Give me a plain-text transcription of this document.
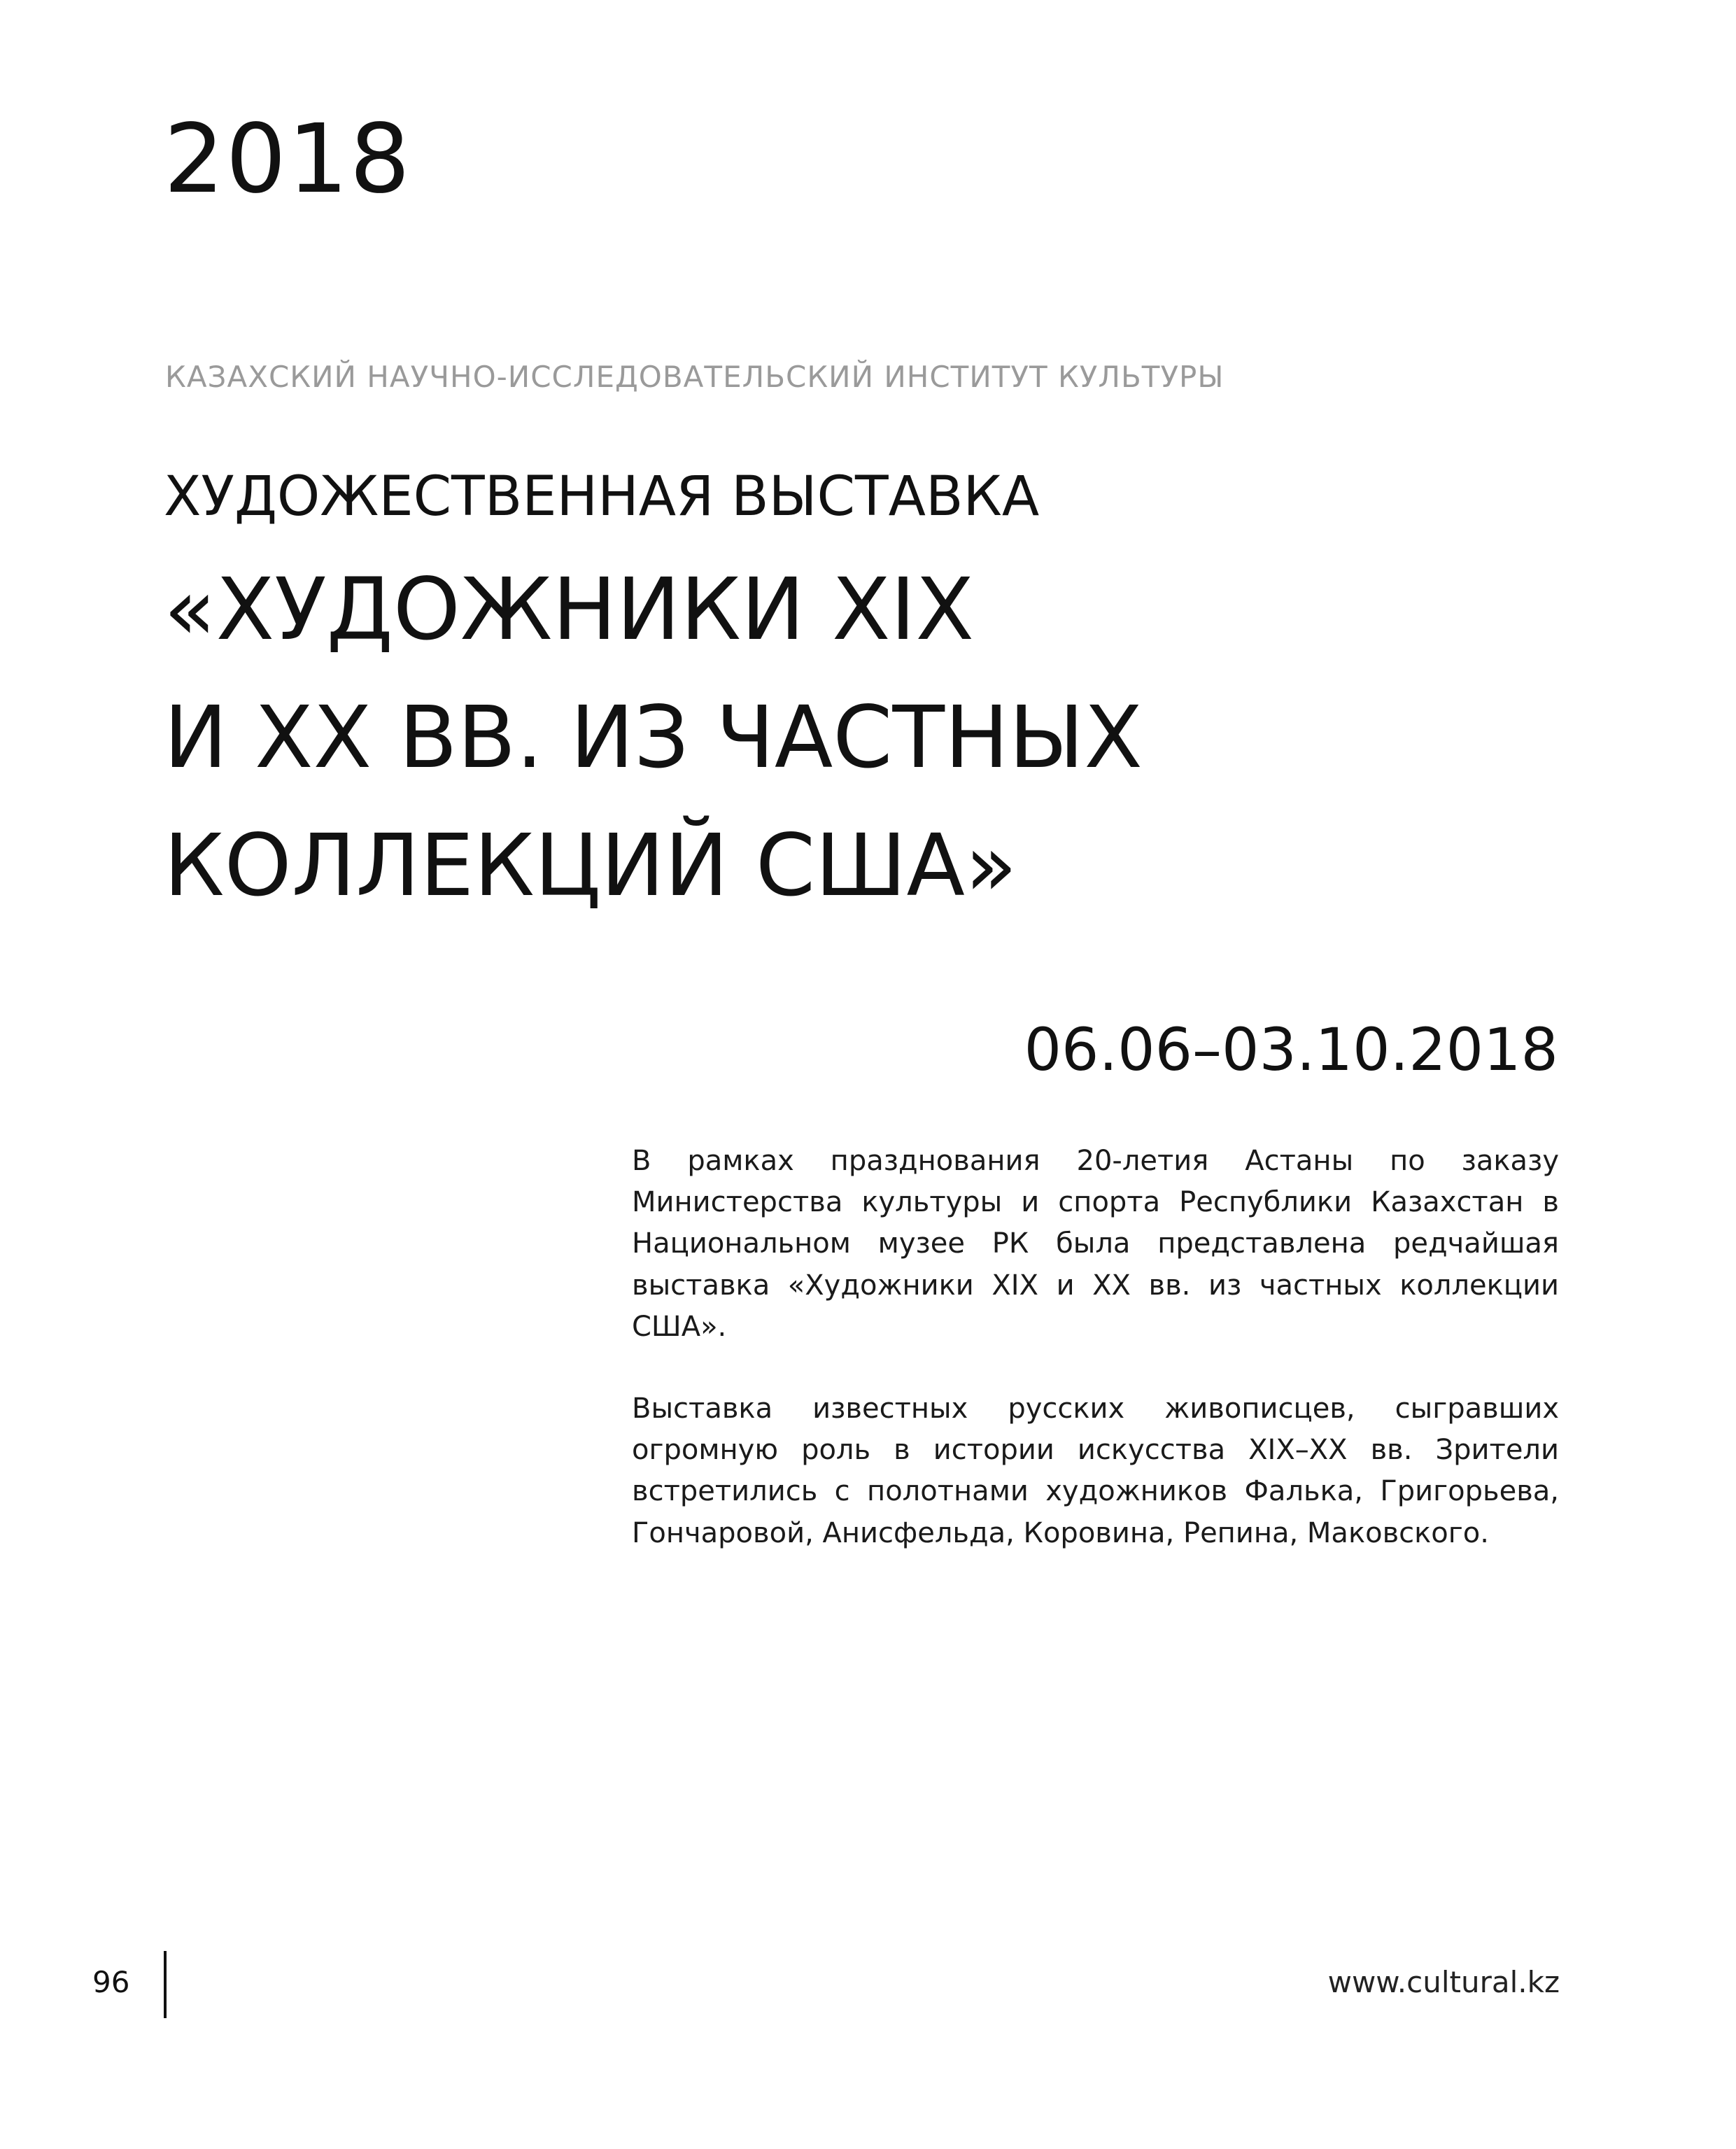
2018

КАЗАХСКИЙ НАУЧНО-ИССЛЕДОВАТЕЛЬСКИЙ ИНСТИТУТ КУЛЬТУРЫ

ХУДОЖЕСТВЕННАЯ ВЫСТАВКА
«ХУДОЖНИКИ XIX
И XX ВВ. ИЗ ЧАСТНЫХ
КОЛЛЕКЦИЙ США»

06.06–03.10.2018

В рамках празднования 20-летия Астаны по заказу Министерства культуры и спорта Республики Казахстан в Национальном музее РК была представлена редчайшая выставка «Художники XIX и XX вв. из частных коллекции США».

Выставка известных русских живописцев, сыгравших огромную роль в истории искусства XIX–XX вв. Зрители встретились с полотнами художников Фалька, Григорьева, Гончаровой, Анисфельда, Коровина, Репина, Маковского.

96	www.cultural.kz
